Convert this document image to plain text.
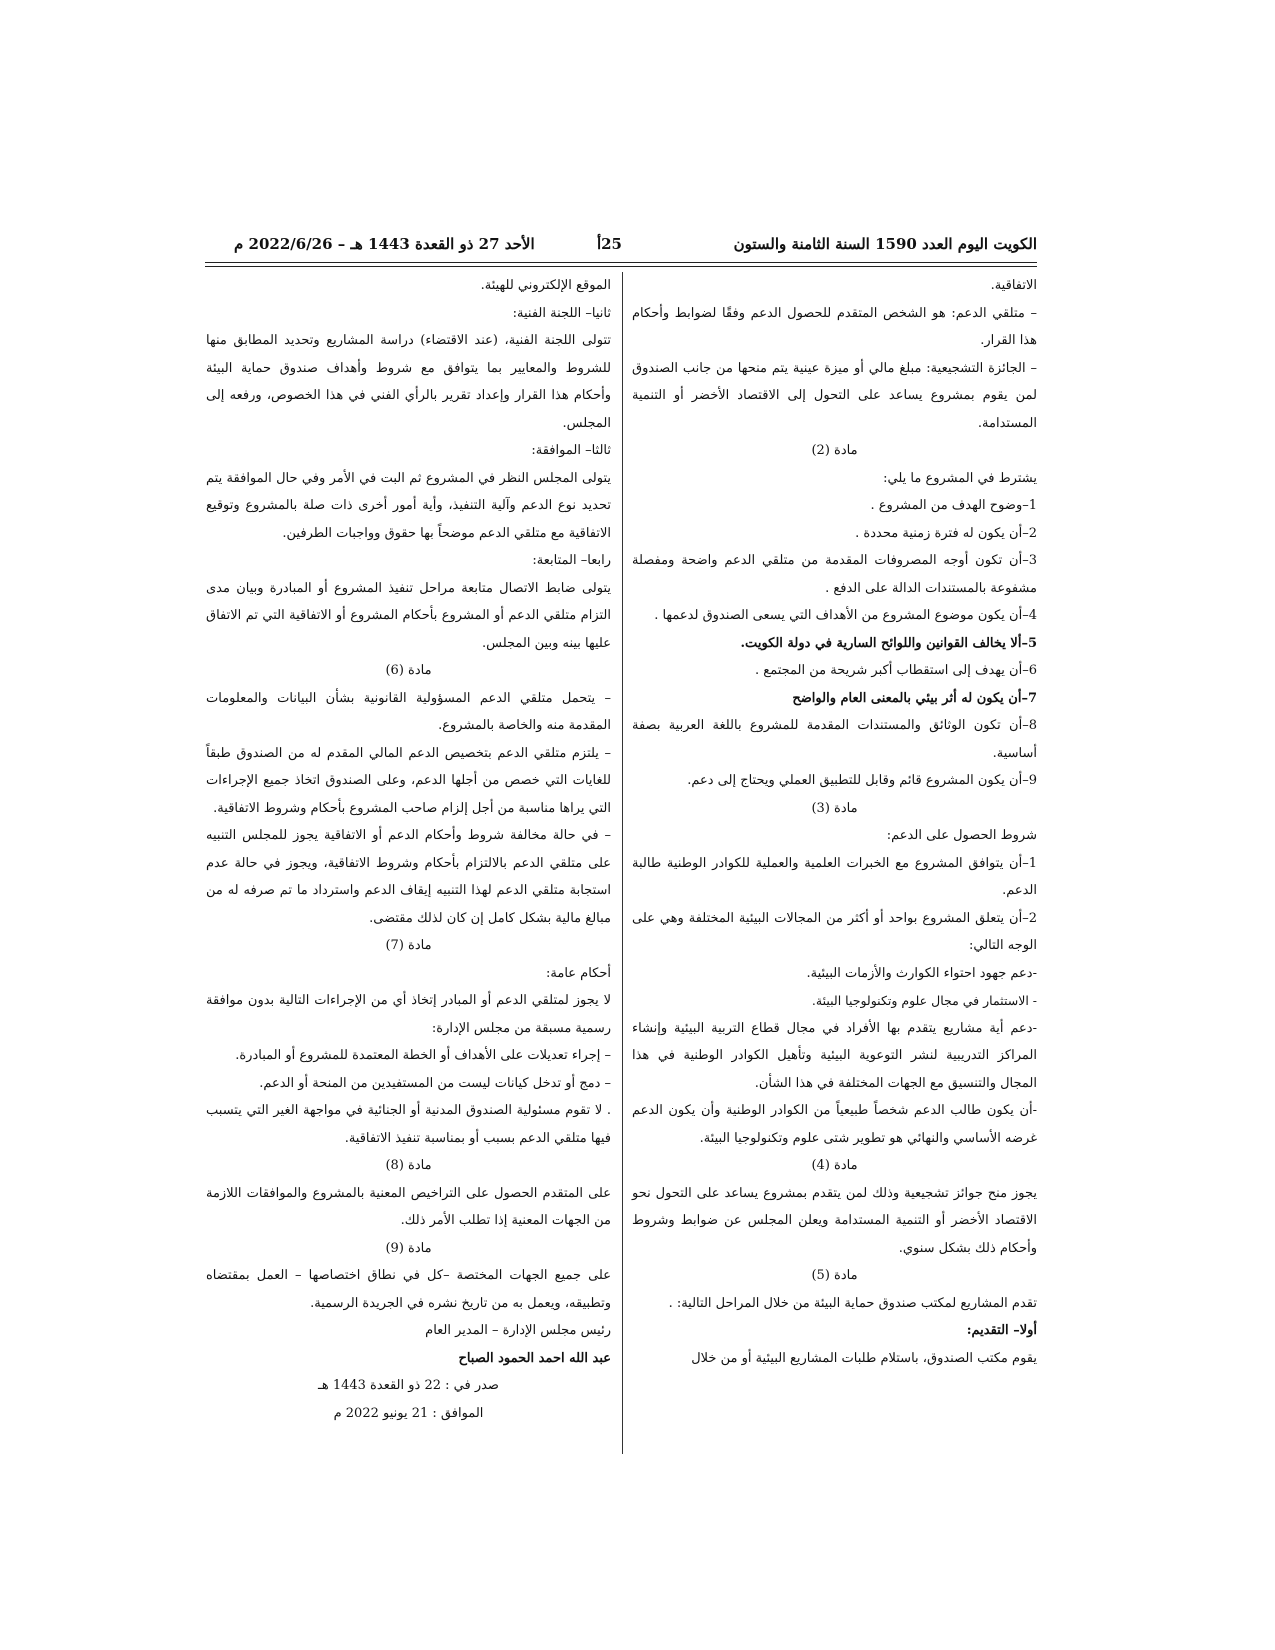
الكويت اليوم العدد 1590 السنة الثامنة والستون
25أ
الأحد 27 ذو القعدة 1443 هـ – 2022/6/26 م

الاتفاقية.

– متلقي الدعم: هو الشخص المتقدم للحصول الدعم وفقًا لضوابط وأحكام هذا القرار.

– الجائزة التشجيعية: مبلغ مالي أو ميزة عينية يتم منحها من جانب الصندوق لمن يقوم بمشروع يساعد على التحول إلى الاقتصاد الأخضر أو التنمية المستدامة.

مادة (2)

يشترط في المشروع ما يلي:

1–وضوح الهدف من المشروع .

2–أن يكون له فترة زمنية محددة .

3–أن تكون أوجه المصروفات المقدمة من متلقي الدعم واضحة ومفصلة مشفوعة بالمستندات الدالة على الدفع .

4–أن يكون موضوع المشروع من الأهداف التي يسعى الصندوق لدعمها .

5–ألا يخالف القوانين واللوائح السارية في دولة الكويت.

6–أن يهدف إلى استقطاب أكبر شريحة من المجتمع .

7–أن يكون له أثر بيئي بالمعنى العام والواضح

8–أن تكون الوثائق والمستندات المقدمة للمشروع باللغة العربية بصفة أساسية.

9–أن يكون المشروع قائم وقابل للتطبيق العملي ويحتاج إلى دعم.

مادة (3)

شروط الحصول على الدعم:

1–أن يتوافق المشروع مع الخبرات العلمية والعملية للكوادر الوطنية طالبة الدعم.

2–أن يتعلق المشروع بواحد أو أكثر من المجالات البيئية المختلفة وهي على الوجه التالي:

-دعم جهود احتواء الكوارث والأزمات البيئية.

- الاستثمار في مجال علوم وتكنولوجيا البيئة.

-دعم أية مشاريع يتقدم بها الأفراد في مجال قطاع التربية البيئية وإنشاء المراكز التدريبية لنشر التوعوية البيئية وتأهيل الكوادر الوطنية في هذا المجال والتنسيق مع الجهات المختلفة في هذا الشأن.

-أن يكون طالب الدعم شخصاً طبيعياً من الكوادر الوطنية وأن يكون الدعم غرضه الأساسي والنهائي هو تطوير شتى علوم وتكنولوجيا البيئة.

مادة (4)

يجوز منح جوائز تشجيعية وذلك لمن يتقدم بمشروع يساعد على التحول نحو الاقتصاد الأخضر أو التنمية المستدامة ويعلن المجلس عن ضوابط وشروط وأحكام ذلك بشكل سنوي.

مادة (5)

تقدم المشاريع لمكتب صندوق حماية البيئة من خلال المراحل التالية: .

أولا– التقديم:

يقوم مكتب الصندوق، باستلام طلبات المشاريع البيئية أو من خلال

الموقع الإلكتروني للهيئة.

ثانيا– اللجنة الفنية:

تتولى اللجنة الفنية، (عند الاقتضاء) دراسة المشاريع وتحديد المطابق منها للشروط والمعايير بما يتوافق مع شروط وأهداف صندوق حماية البيئة وأحكام هذا القرار وإعداد تقرير بالرأي الفني في هذا الخصوص، ورفعه إلى المجلس.

ثالثا– الموافقة:

يتولى المجلس النظر في المشروع ثم البت في الأمر وفي حال الموافقة يتم تحديد نوع الدعم وآلية التنفيذ، وأية أمور أخرى ذات صلة بالمشروع وتوقيع الاتفاقية مع متلقي الدعم موضحاً بها حقوق وواجبات الطرفين.

رابعا– المتابعة:

يتولى ضابط الاتصال متابعة مراحل تنفيذ المشروع أو المبادرة وبيان مدى التزام متلقي الدعم أو المشروع بأحكام المشروع أو الاتفاقية التي تم الاتفاق عليها بينه وبين المجلس.

مادة (6)

– يتحمل متلقي الدعم المسؤولية القانونية بشأن البيانات والمعلومات المقدمة منه والخاصة بالمشروع.

– يلتزم متلقي الدعم بتخصيص الدعم المالي المقدم له من الصندوق طبقاً للغايات التي خصص من أجلها الدعم، وعلى الصندوق اتخاذ جميع الإجراءات التي يراها مناسبة من أجل إلزام صاحب المشروع بأحكام وشروط الاتفاقية.

– في حالة مخالفة شروط وأحكام الدعم أو الاتفاقية يجوز للمجلس التنبيه على متلقي الدعم بالالتزام بأحكام وشروط الاتفاقية، ويجوز في حالة عدم استجابة متلقي الدعم لهذا التنبيه إيقاف الدعم واسترداد ما تم صرفه له من مبالغ مالية بشكل كامل إن كان لذلك مقتضى.

مادة (7)

أحكام عامة:

لا يجوز لمتلقي الدعم أو المبادر إتخاذ أي من الإجراءات التالية بدون موافقة رسمية مسبقة من مجلس الإدارة:

– إجراء تعديلات على الأهداف أو الخطة المعتمدة للمشروع أو المبادرة.

– دمج أو تدخل كيانات ليست من المستفيدين من المنحة أو الدعم.

. لا تقوم مسئولية الصندوق المدنية أو الجنائية في مواجهة الغير التي يتسبب فيها متلقي الدعم بسبب أو بمناسبة تنفيذ الاتفاقية.

مادة (8)

على المتقدم الحصول على التراخيص المعنية بالمشروع والموافقات اللازمة من الجهات المعنية إذا تطلب الأمر ذلك.

مادة (9)

على جميع الجهات المختصة –كل في نطاق اختصاصها – العمل بمقتضاه وتطبيقه، ويعمل به من تاريخ نشره في الجريدة الرسمية.

رئيس مجلس الإدارة – المدير العام

عبد الله احمد الحمود الصباح

صدر في : 22 ذو القعدة 1443 هـ

الموافق : 21 يونيو 2022 م
